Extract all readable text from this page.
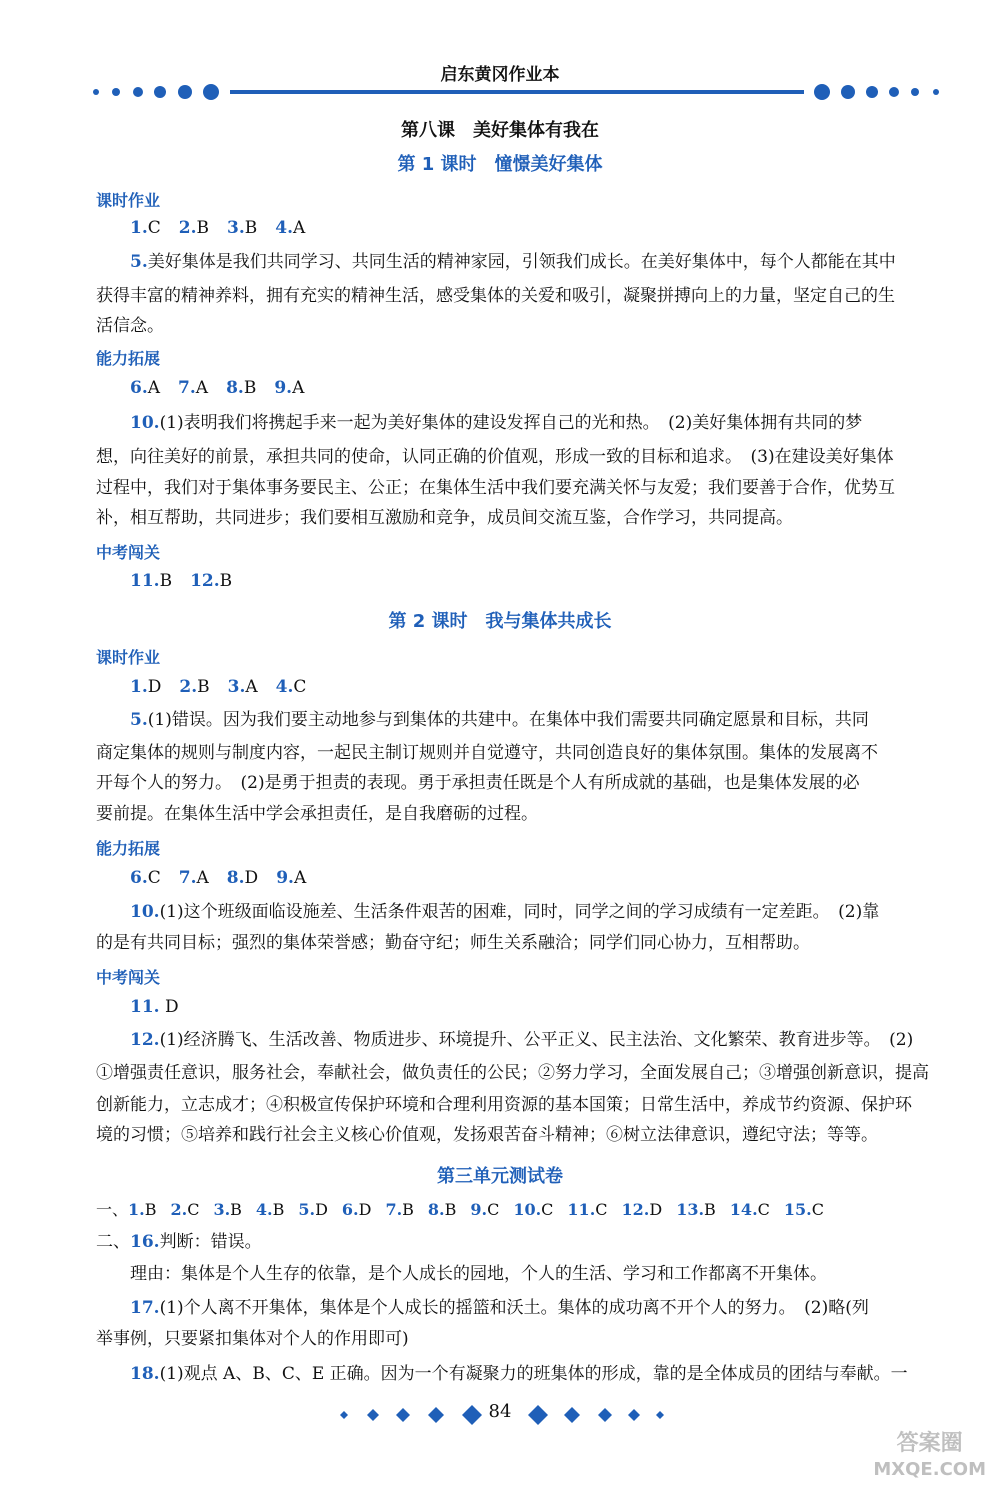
启东黄冈作业本
第八课　美好集体有我在
第 1 课时　憧憬美好集体
课时作业
1.C 2.B 3.B 4.A
5.美好集体是我们共同学习、共同生活的精神家园，引领我们成长。在美好集体中，每个人都能在其中
获得丰富的精神养料，拥有充实的精神生活，感受集体的关爱和吸引，凝聚拼搏向上的力量，坚定自己的生
活信念。
能力拓展
6.A 7.A 8.B 9.A
10.(1)表明我们将携起手来一起为美好集体的建设发挥自己的光和热。　(2)美好集体拥有共同的梦
想，向往美好的前景，承担共同的使命，认同正确的价值观，形成一致的目标和追求。　(3)在建设美好集体
过程中，我们对于集体事务要民主、公正；在集体生活中我们要充满关怀与友爱；我们要善于合作，优势互
补，相互帮助，共同进步；我们要相互激励和竞争，成员间交流互鉴，合作学习，共同提高。
中考闯关
11.B 12.B
第 2 课时　我与集体共成长
课时作业
1.D 2.B 3.A 4.C
5.(1)错误。因为我们要主动地参与到集体的共建中。在集体中我们需要共同确定愿景和目标，共同
商定集体的规则与制度内容，一起民主制订规则并自觉遵守，共同创造良好的集体氛围。集体的发展离不
开每个人的努力。　(2)是勇于担责的表现。勇于承担责任既是个人有所成就的基础，也是集体发展的必
要前提。在集体生活中学会承担责任，是自我磨砺的过程。
能力拓展
6.C 7.A 8.D 9.A
10.(1)这个班级面临设施差、生活条件艰苦的困难，同时，同学之间的学习成绩有一定差距。　(2)靠
的是有共同目标；强烈的集体荣誉感；勤奋守纪；师生关系融洽；同学们同心协力，互相帮助。
中考闯关
11. D
12.(1)经济腾飞、生活改善、物质进步、环境提升、公平正义、民主法治、文化繁荣、教育进步等。　(2)
①增强责任意识，服务社会，奉献社会，做负责任的公民；②努力学习，全面发展自己；③增强创新意识，提高
创新能力，立志成才；④积极宣传保护环境和合理利用资源的基本国策；日常生活中，养成节约资源、保护环
境的习惯；⑤培养和践行社会主义核心价值观，发扬艰苦奋斗精神；⑥树立法律意识，遵纪守法；等等。
第三单元测试卷
一、1.B 2.C 3.B 4.B 5.D 6.D 7.B 8.B 9.C 10.C 11.C 12.D 13.B 14.C 15.C
二、16.判断：错误。
理由：集体是个人生存的依靠，是个人成长的园地，个人的生活、学习和工作都离不开集体。
17.(1)个人离不开集体，集体是个人成长的摇篮和沃土。集体的成功离不开个人的努力。　(2)略(列
举事例，只要紧扣集体对个人的作用即可)
18.(1)观点 A、B、C、E 正确。因为一个有凝聚力的班集体的形成，靠的是全体成员的团结与奉献。一
84
答案圈
MXQE.COM
